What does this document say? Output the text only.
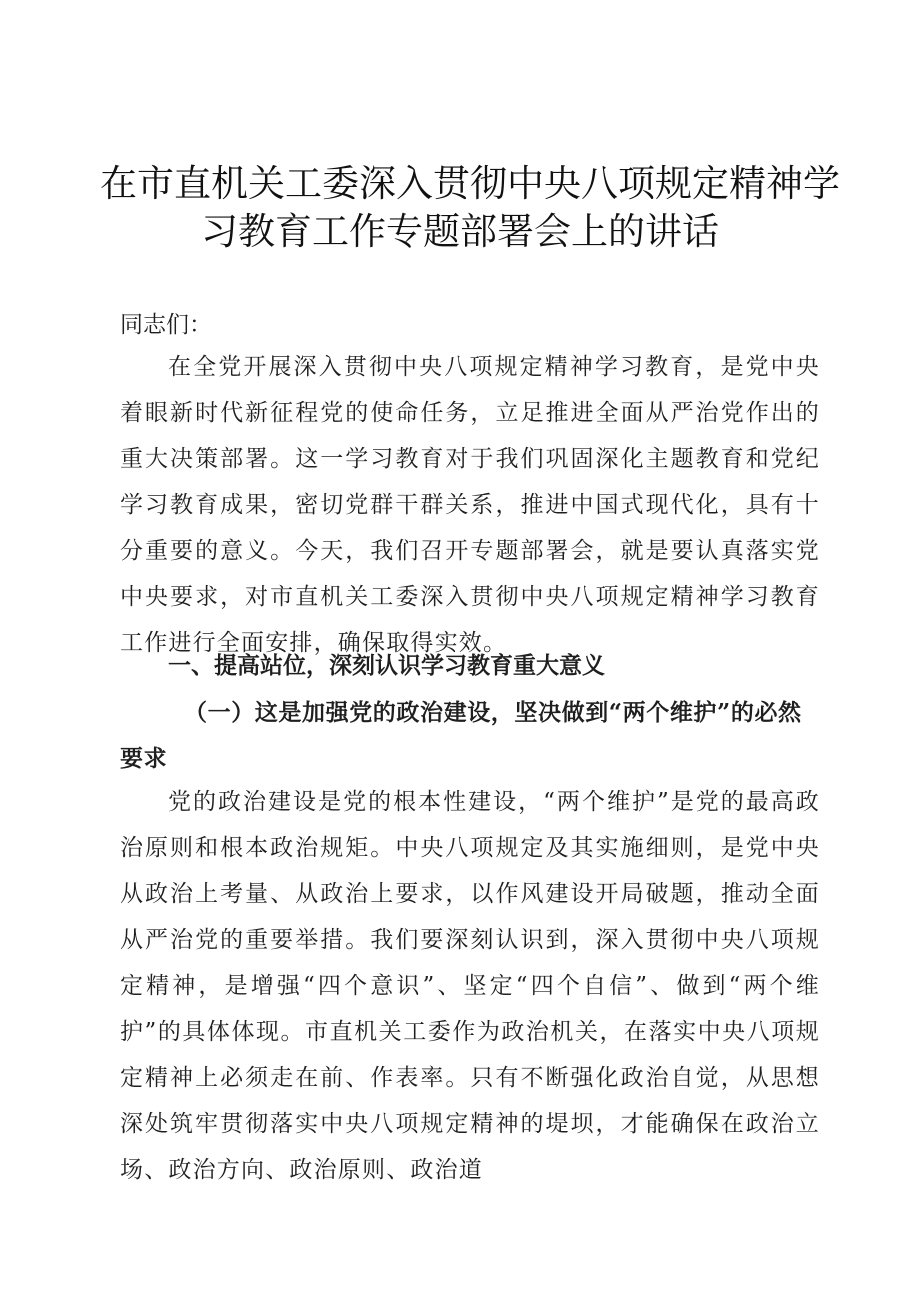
在市直机关工委深入贯彻中央八项规定精神学
习教育工作专题部署会上的讲话
同志们：
在全党开展深入贯彻中央八项规定精神学习教育，是党中央着眼新时代新征程党的使命任务，立足推进全面从严治党作出的重大决策部署。这一学习教育对于我们巩固深化主题教育和党纪学习教育成果，密切党群干群关系，推进中国式现代化，具有十分重要的意义。今天，我们召开专题部署会，就是要认真落实党中央要求，对市直机关工委深入贯彻中央八项规定精神学习教育工作进行全面安排，确保取得实效。
一、提高站位，深刻认识学习教育重大意义
（一）这是加强党的政治建设，坚决做到“两个维护”的必然要求
党的政治建设是党的根本性建设，“两个维护”是党的最高政治原则和根本政治规矩。中央八项规定及其实施细则，是党中央从政治上考量、从政治上要求，以作风建设开局破题，推动全面从严治党的重要举措。我们要深刻认识到，深入贯彻中央八项规定精神，是增强“四个意识”、坚定“四个自信”、做到“两个维护”的具体体现。市直机关工委作为政治机关，在落实中央八项规定精神上必须走在前、作表率。只有不断强化政治自觉，从思想深处筑牢贯彻落实中央八项规定精神的堤坝，才能确保在政治立场、政治方向、政治原则、政治道
